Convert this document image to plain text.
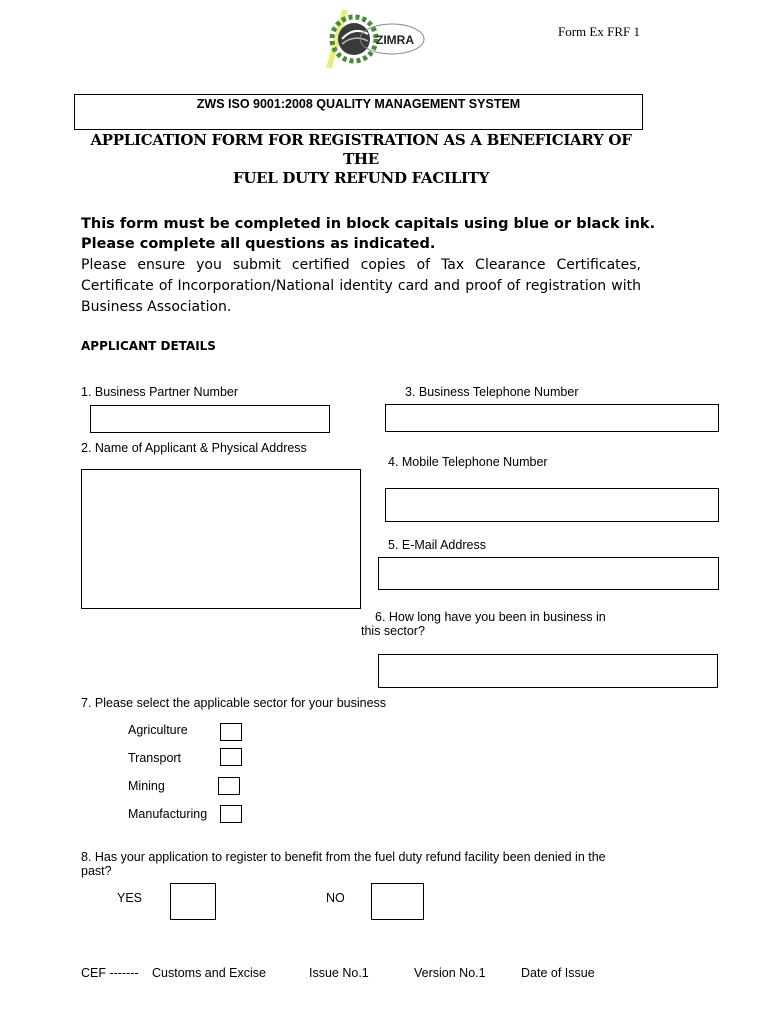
ZIMRA
Form Ex FRF 1
ZWS ISO 9001:2008 QUALITY MANAGEMENT SYSTEM
APPLICATION FORM FOR REGISTRATION AS A BENEFICIARY OF THE
FUEL DUTY REFUND FACILITY
This form must be completed in block capitals using blue or black ink.
Please complete all questions as indicated.
Please ensure you submit certified copies of Tax Clearance Certificates, Certificate of Incorporation/National identity card and proof of registration with Business Association.
APPLICANT DETAILS
1. Business Partner Number
2. Name of Applicant & Physical Address
3. Business Telephone Number
4. Mobile Telephone Number
5. E-Mail Address
6. How long have you been in business in
this sector?
7. Please select the applicable sector for your business
Agriculture
Transport
Mining
Manufacturing
8. Has your application to register to benefit from the fuel duty refund facility been denied in the
past?
YES	NO
CEF ------- Customs and Excise	Issue No.1	Version No.1	Date of Issue
